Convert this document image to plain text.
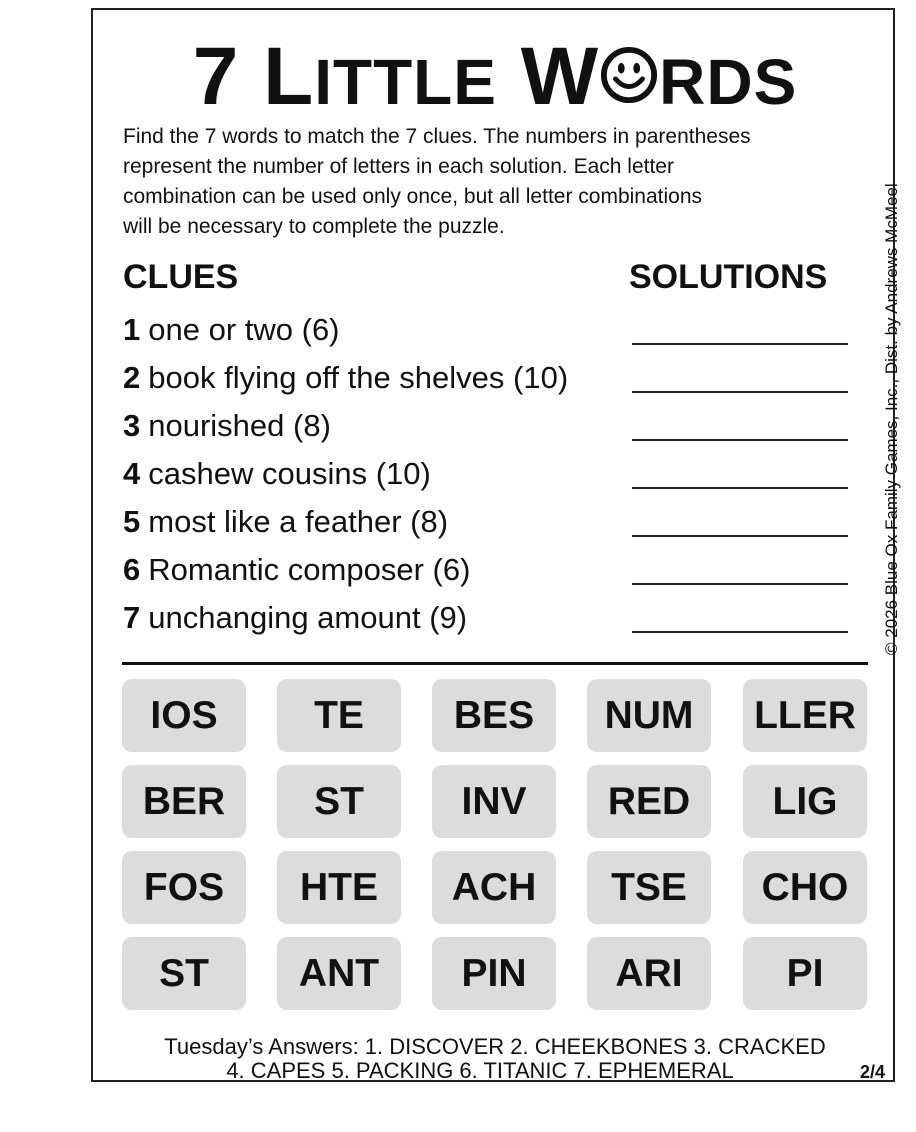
7 LITTLE W RDS
Find the 7 words to match the 7 clues. The numbers in parentheses
represent the number of letters in each solution. Each letter
combination can be used only once, but all letter combinations
will be necessary to complete the puzzle.
CLUES	SOLUTIONS
1 one or two (6)
2 book flying off the shelves (10)
3 nourished (8)
4 cashew cousins (10)
5 most like a feather (8)
6 Romantic composer (6)
7 unchanging amount (9)
IOS	TE	BES	NUM	LLER
BER	ST	INV	RED	LIG
FOS	HTE	ACH	TSE	CHO
ST	ANT	PIN	ARI	PI
Tuesday’s Answers: 1. DISCOVER 2. CHEEKBONES 3. CRACKED
4. CAPES 5. PACKING 6. TITANIC 7. EPHEMERAL	2/4
© 2026 Blue Ox Family Games, Inc., Dist. by Andrews McMeel
